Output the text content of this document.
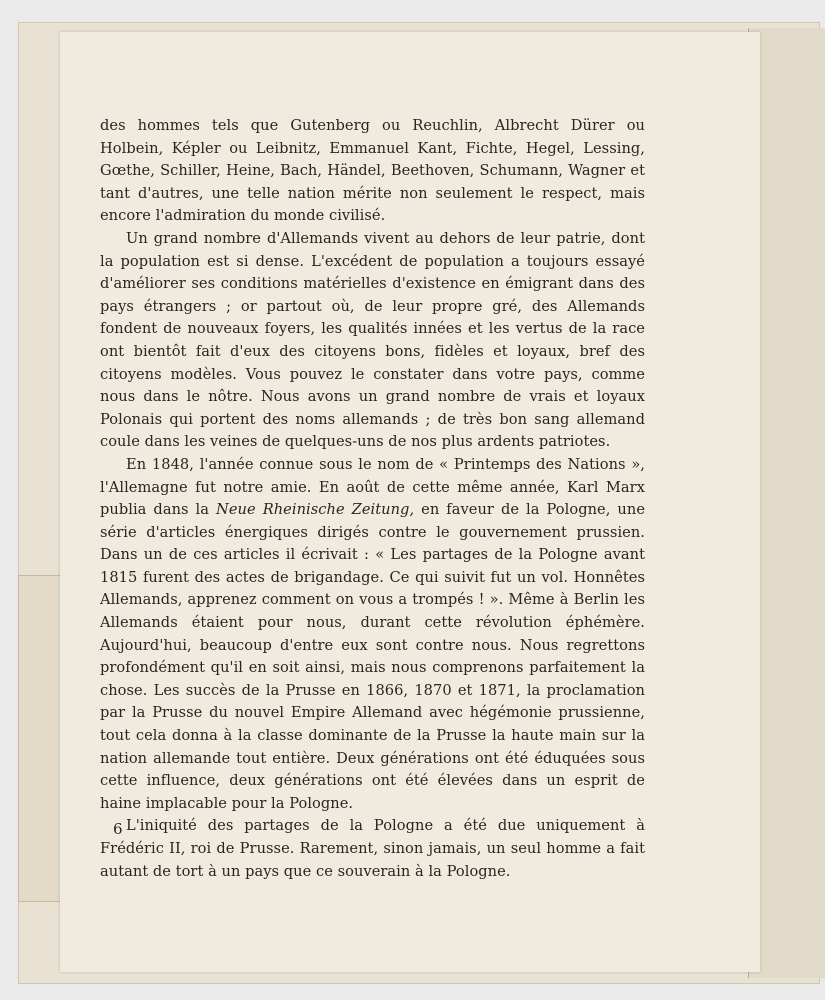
des hommes tels que Gutenberg ou Reuchlin, Albrecht Dürer ou Holbein, Képler ou Leibnitz, Emmanuel Kant, Fichte, Hegel, Lessing, Gœthe, Schiller, Heine, Bach, Händel, Beethoven, Schumann, Wagner et tant d'autres, une telle nation mérite non seulement le respect, mais encore l'admiration du monde civilisé.

Un grand nombre d'Allemands vivent au dehors de leur patrie, dont la population est si dense. L'excédent de population a toujours essayé d'améliorer ses conditions matérielles d'existence en émigrant dans des pays étrangers ; or partout où, de leur propre gré, des Allemands fondent de nouveaux foyers, les qualités innées et les vertus de la race ont bientôt fait d'eux des citoyens bons, fidèles et loyaux, bref des citoyens modèles. Vous pouvez le constater dans votre pays, comme nous dans le nôtre. Nous avons un grand nombre de vrais et loyaux Polonais qui portent des noms allemands ; de très bon sang allemand coule dans les veines de quelques-uns de nos plus ardents patriotes.

En 1848, l'année connue sous le nom de « Printemps des Nations », l'Allemagne fut notre amie. En août de cette même année, Karl Marx publia dans la Neue Rheinische Zeitung, en faveur de la Pologne, une série d'articles énergiques dirigés contre le gouvernement prussien. Dans un de ces articles il écrivait : « Les partages de la Pologne avant 1815 furent des actes de brigandage. Ce qui suivit fut un vol. Honnêtes Allemands, apprenez comment on vous a trompés ! ». Même à Berlin les Allemands étaient pour nous, durant cette révolution éphémère. Aujourd'hui, beaucoup d'entre eux sont contre nous. Nous regrettons profondément qu'il en soit ainsi, mais nous comprenons parfaitement la chose. Les succès de la Prusse en 1866, 1870 et 1871, la proclamation par la Prusse du nouvel Empire Allemand avec hégémonie prussienne, tout cela donna à la classe dominante de la Prusse la haute main sur la nation allemande tout entière. Deux générations ont été éduquées sous cette influence, deux générations ont été élevées dans un esprit de haine implacable pour la Pologne.

L'iniquité des partages de la Pologne a été due uniquement à Frédéric II, roi de Prusse. Rarement, sinon jamais, un seul homme a fait autant de tort à un pays que ce souverain à la Pologne.

6
